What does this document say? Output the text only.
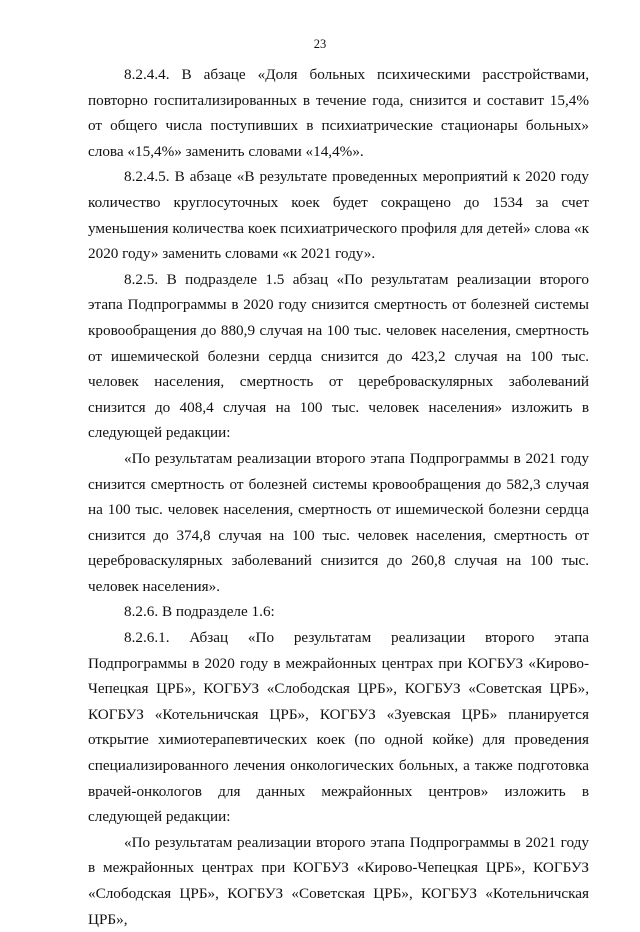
23

8.2.4.4. В абзаце «Доля больных психическими расстройствами, повторно госпитализированных в течение года, снизится и составит 15,4% от общего числа поступивших в психиатрические стационары больных» слова «15,4%» заменить словами «14,4%».

8.2.4.5. В абзаце «В результате проведенных мероприятий к 2020 году количество круглосуточных коек будет сокращено до 1534 за счет уменьшения количества коек психиатрического профиля для детей» слова «к 2020 году» заменить словами «к 2021 году».

8.2.5. В подразделе 1.5 абзац «По результатам реализации второго этапа Подпрограммы в 2020 году снизится смертность от болезней системы кровообращения до 880,9 случая на 100 тыс. человек населения, смертность от ишемической болезни сердца снизится до 423,2 случая на 100 тыс. человек населения, смертность от цереброваскулярных заболеваний снизится до 408,4 случая на 100 тыс. человек населения» изложить в следующей редакции:

«По результатам реализации второго этапа Подпрограммы в 2021 году снизится смертность от болезней системы кровообращения до 582,3 случая на 100 тыс. человек населения, смертность от ишемической болезни сердца снизится до 374,8 случая на 100 тыс. человек населения, смертность от цереброваскулярных заболеваний снизится до 260,8 случая на 100 тыс. человек населения».

8.2.6. В подразделе 1.6:

8.2.6.1. Абзац «По результатам реализации второго этапа Подпрограммы в 2020 году в межрайонных центрах при КОГБУЗ «Кирово-Чепецкая ЦРБ», КОГБУЗ «Слободская ЦРБ», КОГБУЗ «Советская ЦРБ», КОГБУЗ «Котельничская ЦРБ», КОГБУЗ «Зуевская ЦРБ» планируется открытие химиотерапевтических коек (по одной койке) для проведения специализированного лечения онкологических больных, а также подготовка врачей-онкологов для данных межрайонных центров» изложить в следующей редакции:

«По результатам реализации второго этапа Подпрограммы в 2021 году в межрайонных центрах при КОГБУЗ «Кирово-Чепецкая ЦРБ», КОГБУЗ «Слободская ЦРБ», КОГБУЗ «Советская ЦРБ», КОГБУЗ «Котельничская ЦРБ»,
